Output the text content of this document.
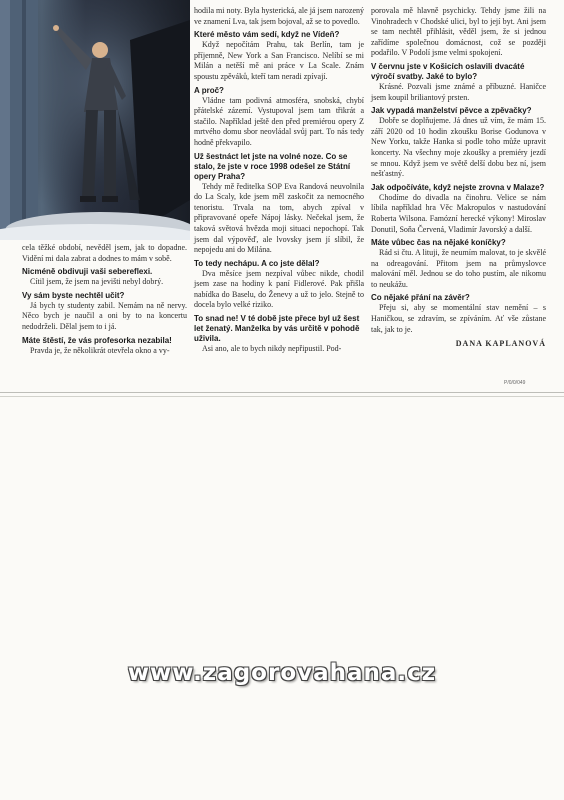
cela těžké období, nevěděl jsem, jak to dopadne. Vidění mi dala zabrat a dodnes to mám v sobě.

Nicméně obdivuji vaši sebereflexi.

Cítil jsem, že jsem na jevišti nebyl dobrý.

Vy sám byste nechtěl učit?

Já bych ty studenty zabil. Nemám na ně nervy. Něco bych je naučil a oni by to na koncertu nedodrželi. Dělal jsem to i já.

Máte štěstí, že vás profesorka nezabila!

Pravda je, že několikrát otevřela okno a vy-

hodila mi noty. Byla hysterická, ale já jsem narozený ve znamení Lva, tak jsem bojoval, až se to povedlo.

Které město vám sedí, když ne Vídeň?

Když nepočítám Prahu, tak Berlín, tam je příjemně, New York a San Francisco. Nelíbí se mi Milán a netěší mě ani práce v La Scale. Znám spoustu zpěváků, kteří tam neradi zpívají.

A proč?

Vládne tam podivná atmosféra, snobská, chybí přátelské zázemí. Vystupoval jsem tam třikrát a stačilo. Například ještě den před premiérou opery Z mrtvého domu sbor neovládal svůj part. To nás tedy hodně překvapilo.

Už šestnáct let jste na volné noze. Co se stalo, že jste v roce 1998 odešel ze Státní opery Praha?

Tehdy mě ředitelka SOP Eva Randová neuvolnila do La Scaly, kde jsem měl zaskočit za nemocného tenoristu. Trvala na tom, abych zpíval v připravované opeře Nápoj lásky. Nečekal jsem, že taková světová hvězda moji situaci nepochopí. Tak jsem dal výpověď, ale lvovsky jsem jí slíbil, že nepojedu ani do Milána.

To tedy nechápu. A co jste dělal?

Dva měsíce jsem nezpíval vůbec nikde, chodil jsem zase na hodiny k paní Fidlerové. Pak přišla nabídka do Baselu, do Ženevy a už to jelo. Stejně to docela bylo velké riziko.

To snad ne! V té době jste přece byl už šest let ženatý. Manželka by vás určitě v pohodě uživila.

Asi ano, ale to bych nikdy nepřipustil. Pod-

porovala mě hlavně psychicky. Tehdy jsme žili na Vinohradech v Chodské ulici, byl to její byt. Ani jsem se tam nechtěl přihlásit, věděl jsem, že si jednou zařídíme společnou domácnost, což se později podařilo. V Podolí jsme velmi spokojení.

V červnu jste v Košicích oslavili dvacáté výročí svatby. Jaké to bylo?

Krásné. Pozvali jsme známé a příbuzné. Haničce jsem koupil briliantový prsten.

Jak vypadá manželství pěvce a zpěvačky?

Dobře se doplňujeme. Já dnes už vím, že mám 15. září 2020 od 10 hodin zkoušku Borise Godunova v New Yorku, takže Hanka si podle toho může upravit koncerty. Na všechny moje zkoušky a premiéry jezdí se mnou. Když jsem ve světě delší dobu bez ní, jsem nešťastný.

Jak odpočíváte, když nejste zrovna v Malaze?

Chodíme do divadla na činohru. Velice se nám líbila například hra Věc Makropulos v nastudování Roberta Wilsona. Famózní herecké výkony! Miroslav Donutil, Soňa Červená, Vladimír Javorský a další.

Máte vůbec čas na nějaké koníčky?

Rád si čtu. A lituji, že neumím malovat, to je skvělé na odreagování. Přitom jsem na průmyslovce malování měl. Jednou se do toho pustím, ale nikomu to neukážu.

Co nějaké přání na závěr?

Přeju si, aby se momentální stav nemění – s Haničkou, se zdravím, se zpíváním. Ať vše zůstane tak, jak to je.

DANA KAPLANOVÁ

P/0/0/049
www.zagorovahana.cz
